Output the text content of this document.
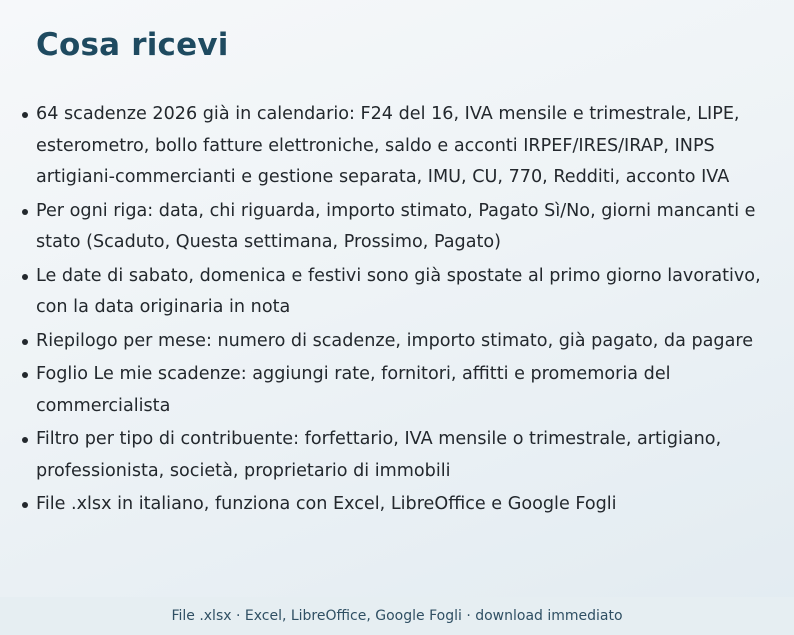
Cosa ricevi
64 scadenze 2026 già in calendario: F24 del 16, IVA mensile e trimestrale, LIPE, esterometro, bollo fatture elettroniche, saldo e acconti IRPEF/IRES/IRAP, INPS artigiani-commercianti e gestione separata, IMU, CU, 770, Redditi, acconto IVA
Per ogni riga: data, chi riguarda, importo stimato, Pagato Sì/No, giorni mancanti e stato (Scaduto, Questa settimana, Prossimo, Pagato)
Le date di sabato, domenica e festivi sono già spostate al primo giorno lavorativo, con la data originaria in nota
Riepilogo per mese: numero di scadenze, importo stimato, già pagato, da pagare
Foglio Le mie scadenze: aggiungi rate, fornitori, affitti e promemoria del commercialista
Filtro per tipo di contribuente: forfettario, IVA mensile o trimestrale, artigiano, professionista, società, proprietario di immobili
File .xlsx in italiano, funziona con Excel, LibreOffice e Google Fogli
File .xlsx · Excel, LibreOffice, Google Fogli · download immediato
